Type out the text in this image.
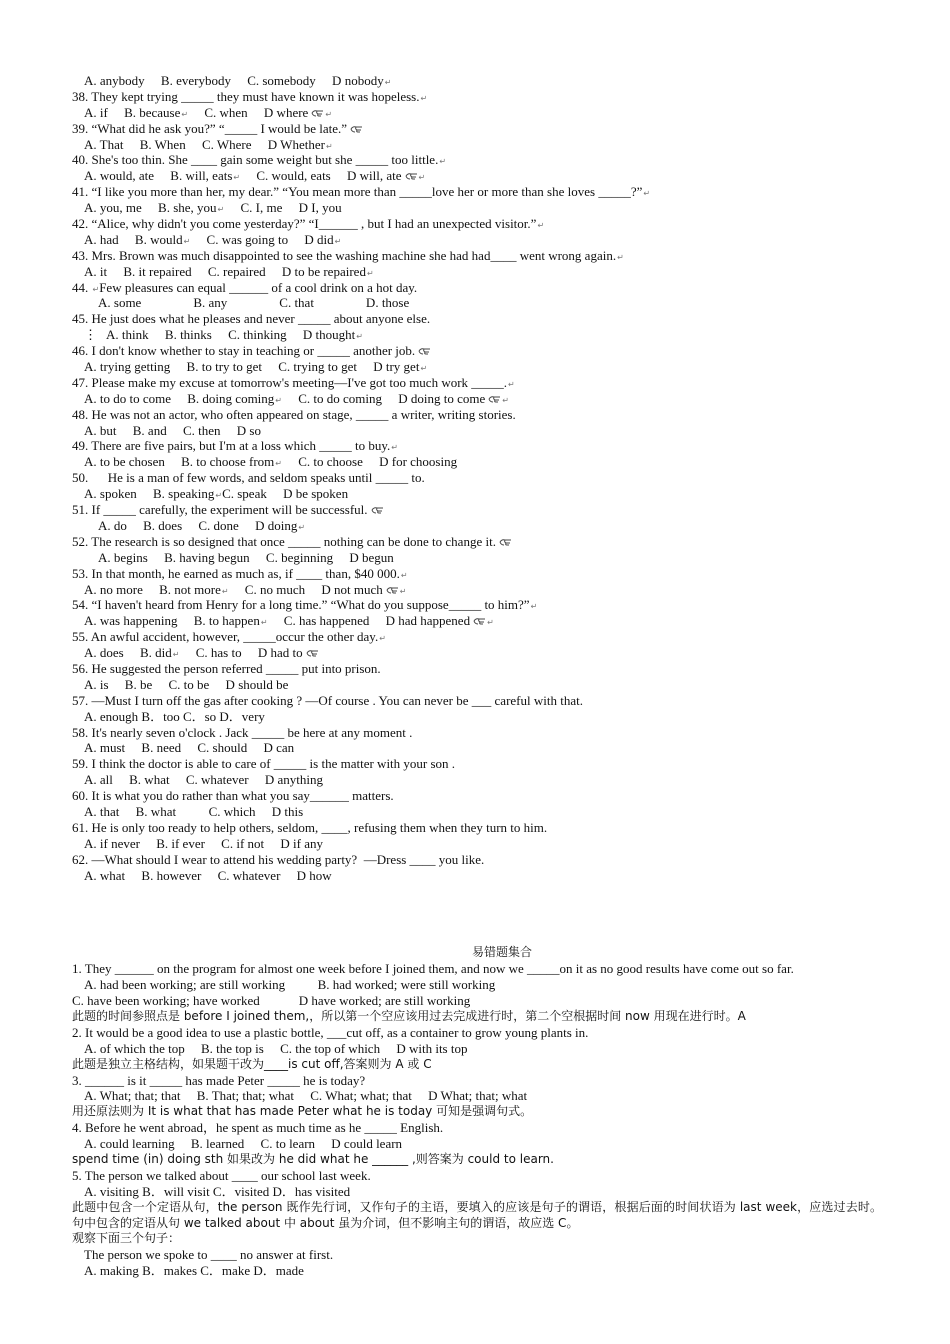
A. anybody     B. everybody     C. somebody     D nobody↵
38. They kept trying _____ they must have known it was hopeless.↵
A. if     B. because↵     C. when     D where ↵
39. “What did he ask you?” “_____ I would be late.”
A. That     B. When     C. Where     D Whether↵
40. She's too thin. She ____ gain some weight but she _____ too little.↵
A. would, ate     B. will, eats↵     C. would, eats     D will, ate ↵
41. “I like you more than her, my dear.” “You mean more than _____love her or more than she loves _____?”↵
A. you, me     B. she, you↵     C. I, me     D I, you
42. “Alice, why didn't you come yesterday?” “I______ , but I had an unexpected visitor.”↵
A. had     B. would↵     C. was going to     D did↵
43. Mrs. Brown was much disappointed to see the washing machine she had had____ went wrong again.↵
A. it     B. it repaired     C. repaired     D to be repaired↵
44. ↵Few pleasures can equal ______ of a cool drink on a hot day.
A. some                B. any                C. that                D. those
45. He just does what he pleases and never _____ about anyone else.
⋮   A. think     B. thinks     C. thinking     D thought↵
46. I don't know whether to stay in teaching or _____ another job.
A. trying getting     B. to try to get     C. trying to get     D try get↵
47. Please make my excuse at tomorrow's meeting—I've got too much work _____.↵
A. to do to come     B. doing coming↵     C. to do coming     D doing to come ↵
48. He was not an actor, who often appeared on stage, _____ a writer, writing stories.
A. but     B. and     C. then     D so
49. There are five pairs, but I'm at a loss which _____ to buy.↵
A. to be chosen     B. to choose from↵     C. to choose     D for choosing
50.      He is a man of few words, and seldom speaks until _____ to.
A. spoken     B. speaking↵C. speak     D be spoken
51. If _____ carefully, the experiment will be successful.
A. do     B. does     C. done     D doing↵
52. The research is so designed that once _____ nothing can be done to change it.
A. begins     B. having begun     C. beginning     D begun
53. In that month, he earned as much as, if ____ than, $40 000.↵
A. no more     B. not more↵     C. no much     D not much ↵
54. “I haven't heard from Henry for a long time.” “What do you suppose_____ to him?”↵
A. was happening     B. to happen↵     C. has happened     D had happened ↵
55. An awful accident, however, _____occur the other day.↵
A. does     B. did↵     C. has to     D had to
56. He suggested the person referred _____ put into prison.
A. is     B. be     C. to be     D should be
57. —Must I turn off the gas after cooking ? —Of course . You can never be ___ careful with that.
A. enough B．too C．so D．very
58. It's nearly seven o'clock . Jack _____ be here at any moment .
A. must     B. need     C. should     D can
59. I think the doctor is able to care of _____ is the matter with your son .
A. all     B. what     C. whatever     D anything
60. It is what you do rather than what you say______ matters.
A. that     B. what          C. which     D this
61. He is only too ready to help others, seldom, ____, refusing them when they turn to him.
A. if never     B. if ever     C. if not     D if any
62. —What should I wear to attend his wedding party?  —Dress ____ you like.
A. what     B. however     C. whatever     D how
易错题集合
1. They ______ on the program for almost one week before I joined them, and now we _____on it as no good results have come out so far.
A. had been working; are still working          B. had worked; were still working
C. have been working; have worked            D have worked; are still working
此题的时间参照点是 before I joined them,，所以第一个空应该用过去完成进行时，第二个空根据时间 now 用现在进行时。A
2. It would be a good idea to use a plastic bottle, ___cut off, as a container to grow young plants in.
A. of which the top     B. the top is     C. the top of which     D with its top
此题是独立主格结构，如果题干改为____is cut off,答案则为 A 或 C
3. ______ is it _____ has made Peter _____ he is today?
A. What; that; that     B. That; that; what     C. What; what; that     D What; that; what
用还原法则为 It is what that has made Peter what he is today 可知是强调句式。
4. Before he went abroad，he spent as much time as he _____ English.
A. could learning     B. learned     C. to learn     D could learn
spend time (in) doing sth 如果改为 he did what he ______ ,则答案为 could to learn.
5. The person we talked about ____ our school last week.
A. visiting B．will visit C．visited D．has visited
此题中包含一个定语从句，the person 既作先行词，又作句子的主语，要填入的应该是句子的谓语，根据后面的时间状语为 last week，应选过去时。句中包含的定语从句 we talked about 中 about 虽为介词，但不影响主句的谓语，故应选 C。
观察下面三个句子：
The person we spoke to ____ no answer at first.
A. making B．makes C．make D．made
